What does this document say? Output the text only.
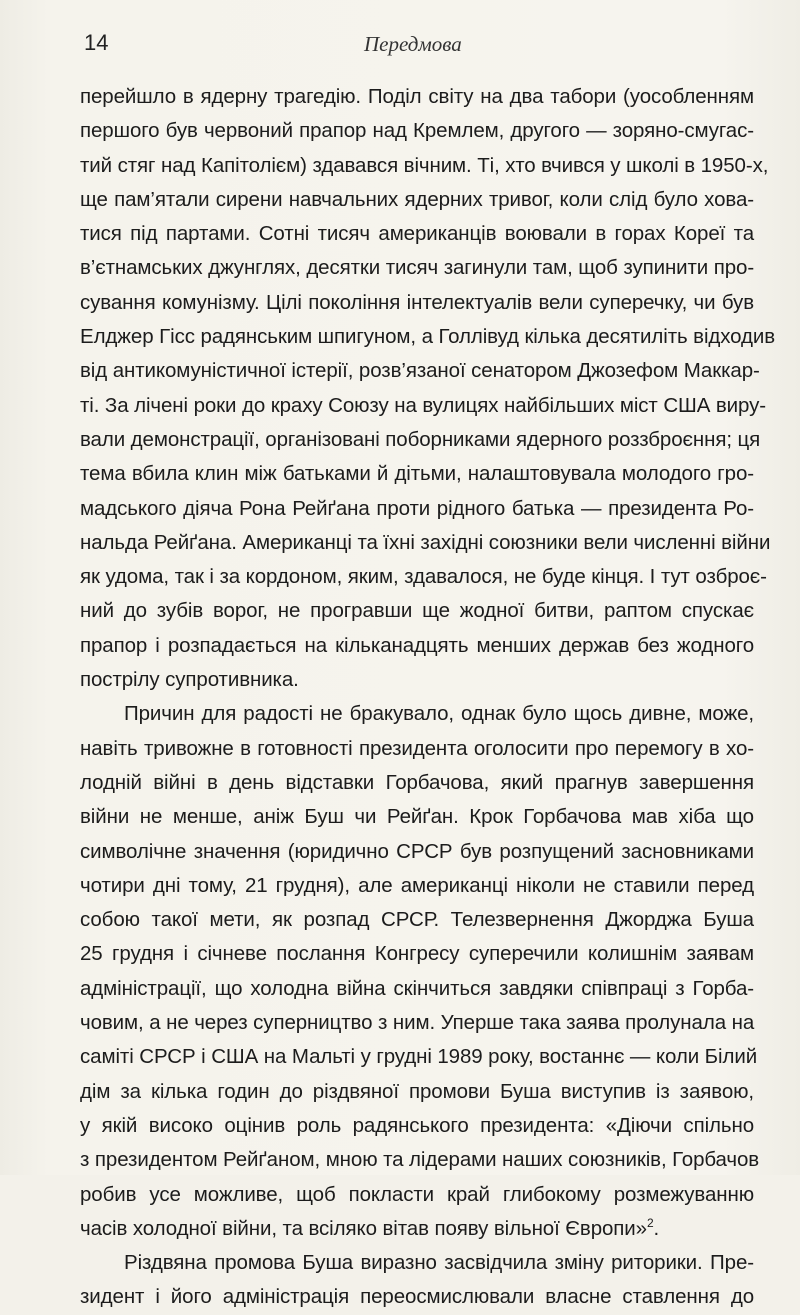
14	Передмова
перейшло в ядерну трагедію. Поділ світу на два табори (уособленням
першого був червоний прапор над Кремлем, другого — зоряно-смугас-
тий стяг над Капітолієм) здавався вічним. Ті, хто вчився у школі в 1950-х,
ще пам’ятали сирени навчальних ядерних тривог, коли слід було хова-
тися під партами. Сотні тисяч американців воювали в горах Кореї та
в’єтнамських джунглях, десятки тисяч загинули там, щоб зупинити про-
сування комунізму. Цілі покоління інтелектуалів вели суперечку, чи був
Елджер Гісс радянським шпигуном, а Голлівуд кілька десятиліть відходив
від антикомуністичної істерії, розв’язаної сенатором Джозефом Маккар-
ті. За лічені роки до краху Союзу на вулицях найбільших міст США виру-
вали демонстрації, організовані поборниками ядерного роззброєння; ця
тема вбила клин між батьками й дітьми, налаштовувала молодого гро-
мадського діяча Рона Рейґана проти рідного батька — президента Ро-
нальда Рейґана. Американці та їхні західні союзники вели численні війни
як удома, так і за кордоном, яким, здавалося, не буде кінця. І тут озброє-
ний до зубів ворог, не програвши ще жодної битви, раптом спускає
прапор і розпадається на кільканадцять менших держав без жодного
пострілу супротивника.
Причин для радості не бракувало, однак було щось дивне, може,
навіть тривожне в готовності президента оголосити про перемогу в хо-
лодній війні в день відставки Горбачова, який прагнув завершення
війни не менше, аніж Буш чи Рейґан. Крок Горбачова мав хіба що
символічне значення (юридично СРСР був розпущений засновниками
чотири дні тому, 21 грудня), але американці ніколи не ставили перед
собою такої мети, як розпад СРСР. Телезвернення Джорджа Буша
25 грудня і січневе послання Конгресу суперечили колишнім заявам
адміністрації, що холодна війна скінчиться завдяки співпраці з Горба-
човим, а не через суперництво з ним. Уперше така заява пролунала на
саміті СРСР і США на Мальті у грудні 1989 року, востаннє — коли Білий
дім за кілька годин до різдвяної промови Буша виступив із заявою,
у якій високо оцінив роль радянського президента: «Діючи спільно
з президентом Рейґаном, мною та лідерами наших союзників, Горбачов
робив усе можливе, щоб покласти край глибокому розмежуванню
часів холодної війни, та всіляко вітав появу вільної Європи»$^2$.
Різдвяна промова Буша виразно засвідчила зміну риторики. Пре-
зидент і його адміністрація переосмислювали власне ставлення до
